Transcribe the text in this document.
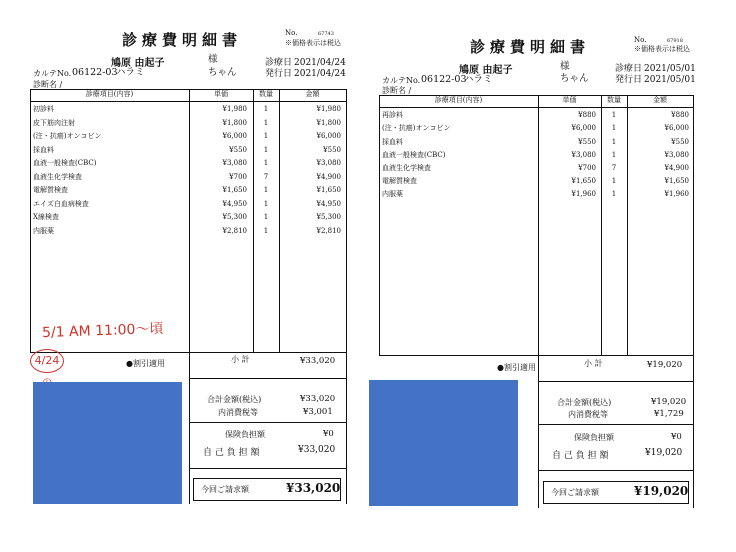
診療費明細書	No.	67743
※価格表示は税込
鳩原 由起子	様
ちゃん
カルテNo. 06122-03
ハラミ
診療日 2021/04/24
発行日 2021/04/24
診断名 /
診療項目(内容)	単価	数量	金額
初診料	¥1,980	1	¥1,980
皮下筋肉注射	¥1,800	1	¥1,800
(注・抗癌)オンコビン	¥6,000	1	¥6,000
採血料	¥550	1	¥550
血液一般検査(CBC)	¥3,080	1	¥3,080
血液生化学検査	¥700	7	¥4,900
電解質検査	¥1,650	1	¥1,650
エイズ白血病検査	¥4,950	1	¥4,950
X線検査	¥5,300	1	¥5,300
内服薬	¥2,810	1	¥2,810
5/1 AM 11:00〜頃
4/24	●割引適用	小 計	¥33,020
合計金額(税込)	¥33,020
内消費税等	¥3,001
保険負担額	¥0
自 己 負 担 額	¥33,020
今回ご請求額	¥33,020
診療費明細書	No.	67918
※価格表示は税込
鳩原 由起子	様
ちゃん
カルテNo. 06122-03
ハラミ
診療日 2021/05/01
発行日 2021/05/01
診断名 /
診療項目(内容)	単価	数量	金額
再診料	¥880	1	¥880
(注・抗癌)オンコビン	¥6,000	1	¥6,000
採血料	¥550	1	¥550
血液一般検査(CBC)	¥3,080	1	¥3,080
血液生化学検査	¥700	7	¥4,900
電解質検査	¥1,650	1	¥1,650
内服薬	¥1,960	1	¥1,960
●割引適用	小 計	¥19,020
合計金額(税込)	¥19,020
内消費税等	¥1,729
保険負担額	¥0
自 己 負 担 額	¥19,020
今回ご請求額	¥19,020
